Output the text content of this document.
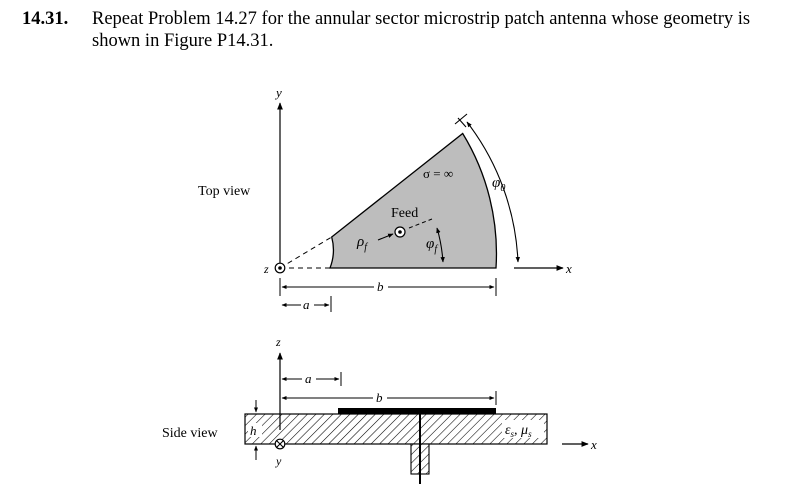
14.31. Repeat Problem 14.27 for the annular sector microstrip patch antenna whose geometry is shown in Figure P14.31.
Top view
y
x
z
σ = ∞
Feed
$\rho_f$	$\varphi_f$
$\varphi_0$
b
a
Side view
z
y
x
a
b
h	$\varepsilon_s$, $\mu_s$
